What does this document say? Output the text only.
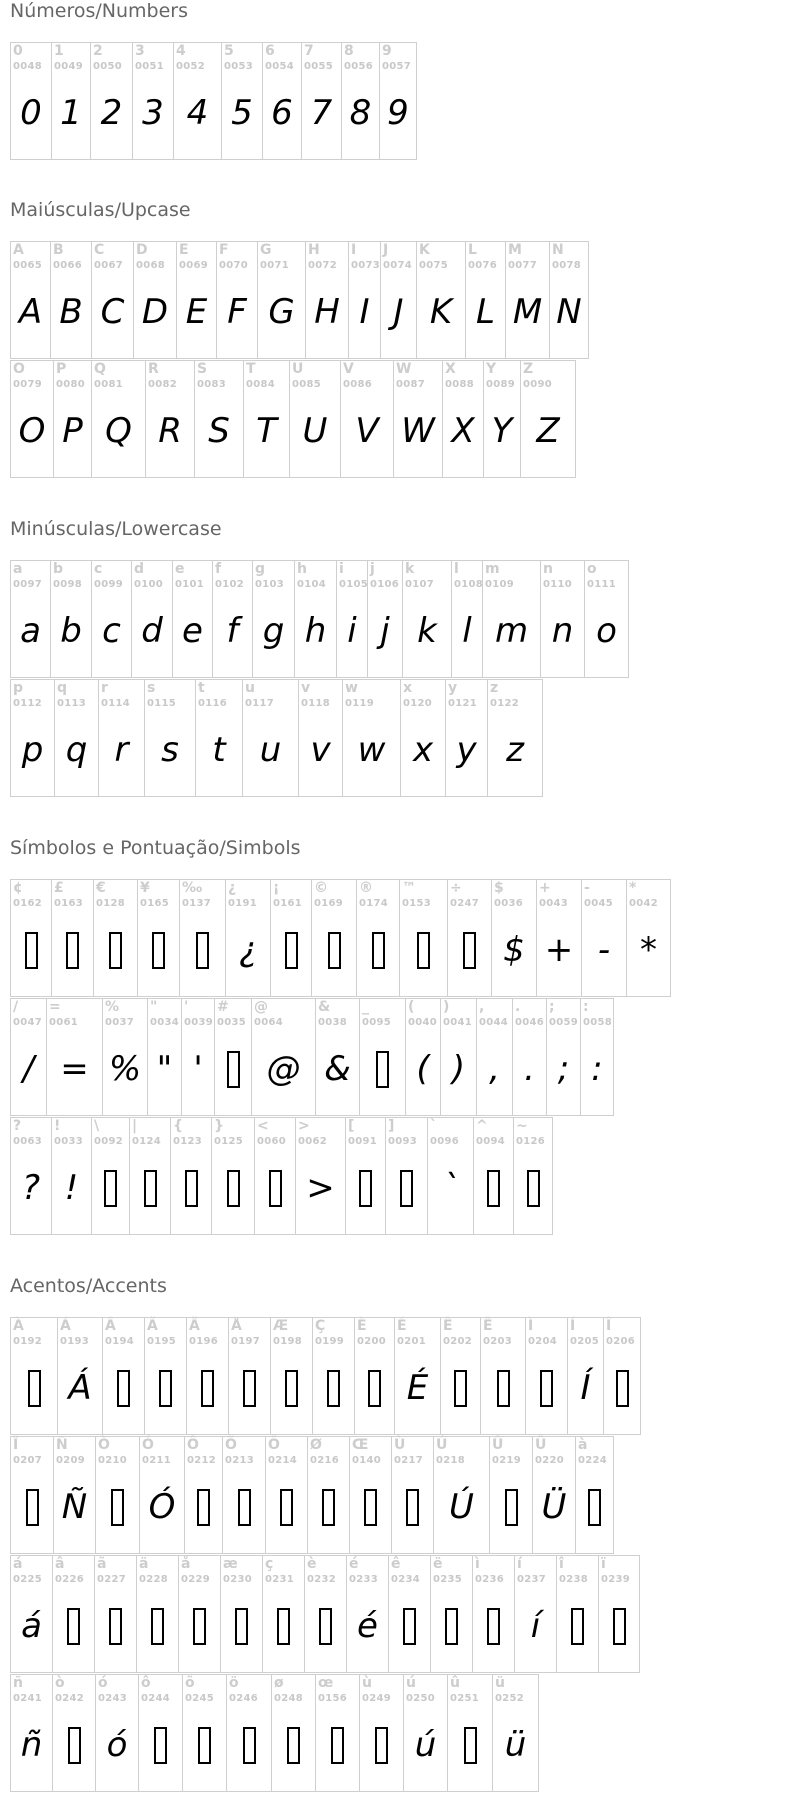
Números/Numbers
0
0048
0
1
0049
1
2
0050
2
3
0051
3
4
0052
4
5
0053
5
6
0054
6
7
0055
7
8
0056
8
9
0057
9
Maiúsculas/Upcase
A
0065
A
B
0066
B
C
0067
C
D
0068
D
E
0069
E
F
0070
F
G
0071
G
H
0072
H
I
0073
I
J
0074
J
K
0075
K
L
0076
L
M
0077
M
N
0078
N
O
0079
O
P
0080
P
Q
0081
Q
R
0082
R
S
0083
S
T
0084
T
U
0085
U
V
0086
V
W
0087
W
X
0088
X
Y
0089
Y
Z
0090
Z
Minúsculas/Lowercase
a
0097
a
b
0098
b
c
0099
c
d
0100
d
e
0101
e
f
0102
f
g
0103
g
h
0104
h
i
0105
i
j
0106
j
k
0107
k
l
0108
l
m
0109
m
n
0110
n
o
0111
o
p
0112
p
q
0113
q
r
0114
r
s
0115
s
t
0116
t
u
0117
u
v
0118
v
w
0119
w
x
0120
x
y
0121
y
z
0122
z
Símbolos e Pontuação/Simbols
¢
0162
£
0163
€
0128
¥
0165
‰
0137
¿
0191
¿
¡
0161
©
0169
®
0174
™
0153
÷
0247
$
0036
$
+
0043
+
-
0045
-
*
0042
*
/
0047
/
=
0061
=
%
0037
%
"
0034
"
'
0039
'
#
0035
@
0064
@
&
0038
&
_
0095
(
0040
(
)
0041
)
,
0044
,
.
0046
.
;
0059
;
:
0058
:
?
0063
?
!
0033
!
\
0092
|
0124
{
0123
}
0125
<
0060
>
0062
>
[
0091
]
0093
`
0096
`
^
0094
~
0126
Acentos/Accents
À
0192
Á
0193
Á
Â
0194
Ã
0195
Ä
0196
Å
0197
Æ
0198
Ç
0199
È
0200
É
0201
É
Ê
0202
Ë
0203
Ì
0204
Í
0205
Í
Î
0206
Ï
0207
Ñ
0209
Ñ
Ò
0210
Ó
0211
Ó
Ô
0212
Õ
0213
Ö
0214
Ø
0216
Œ
0140
Ù
0217
Ú
0218
Ú
Û
0219
Ü
0220
Ü
à
0224
á
0225
á
â
0226
ã
0227
ä
0228
å
0229
æ
0230
ç
0231
è
0232
é
0233
é
ê
0234
ë
0235
ì
0236
í
0237
í
î
0238
ï
0239
ñ
0241
ñ
ò
0242
ó
0243
ó
ô
0244
õ
0245
ö
0246
ø
0248
œ
0156
ù
0249
ú
0250
ú
û
0251
ü
0252
ü
